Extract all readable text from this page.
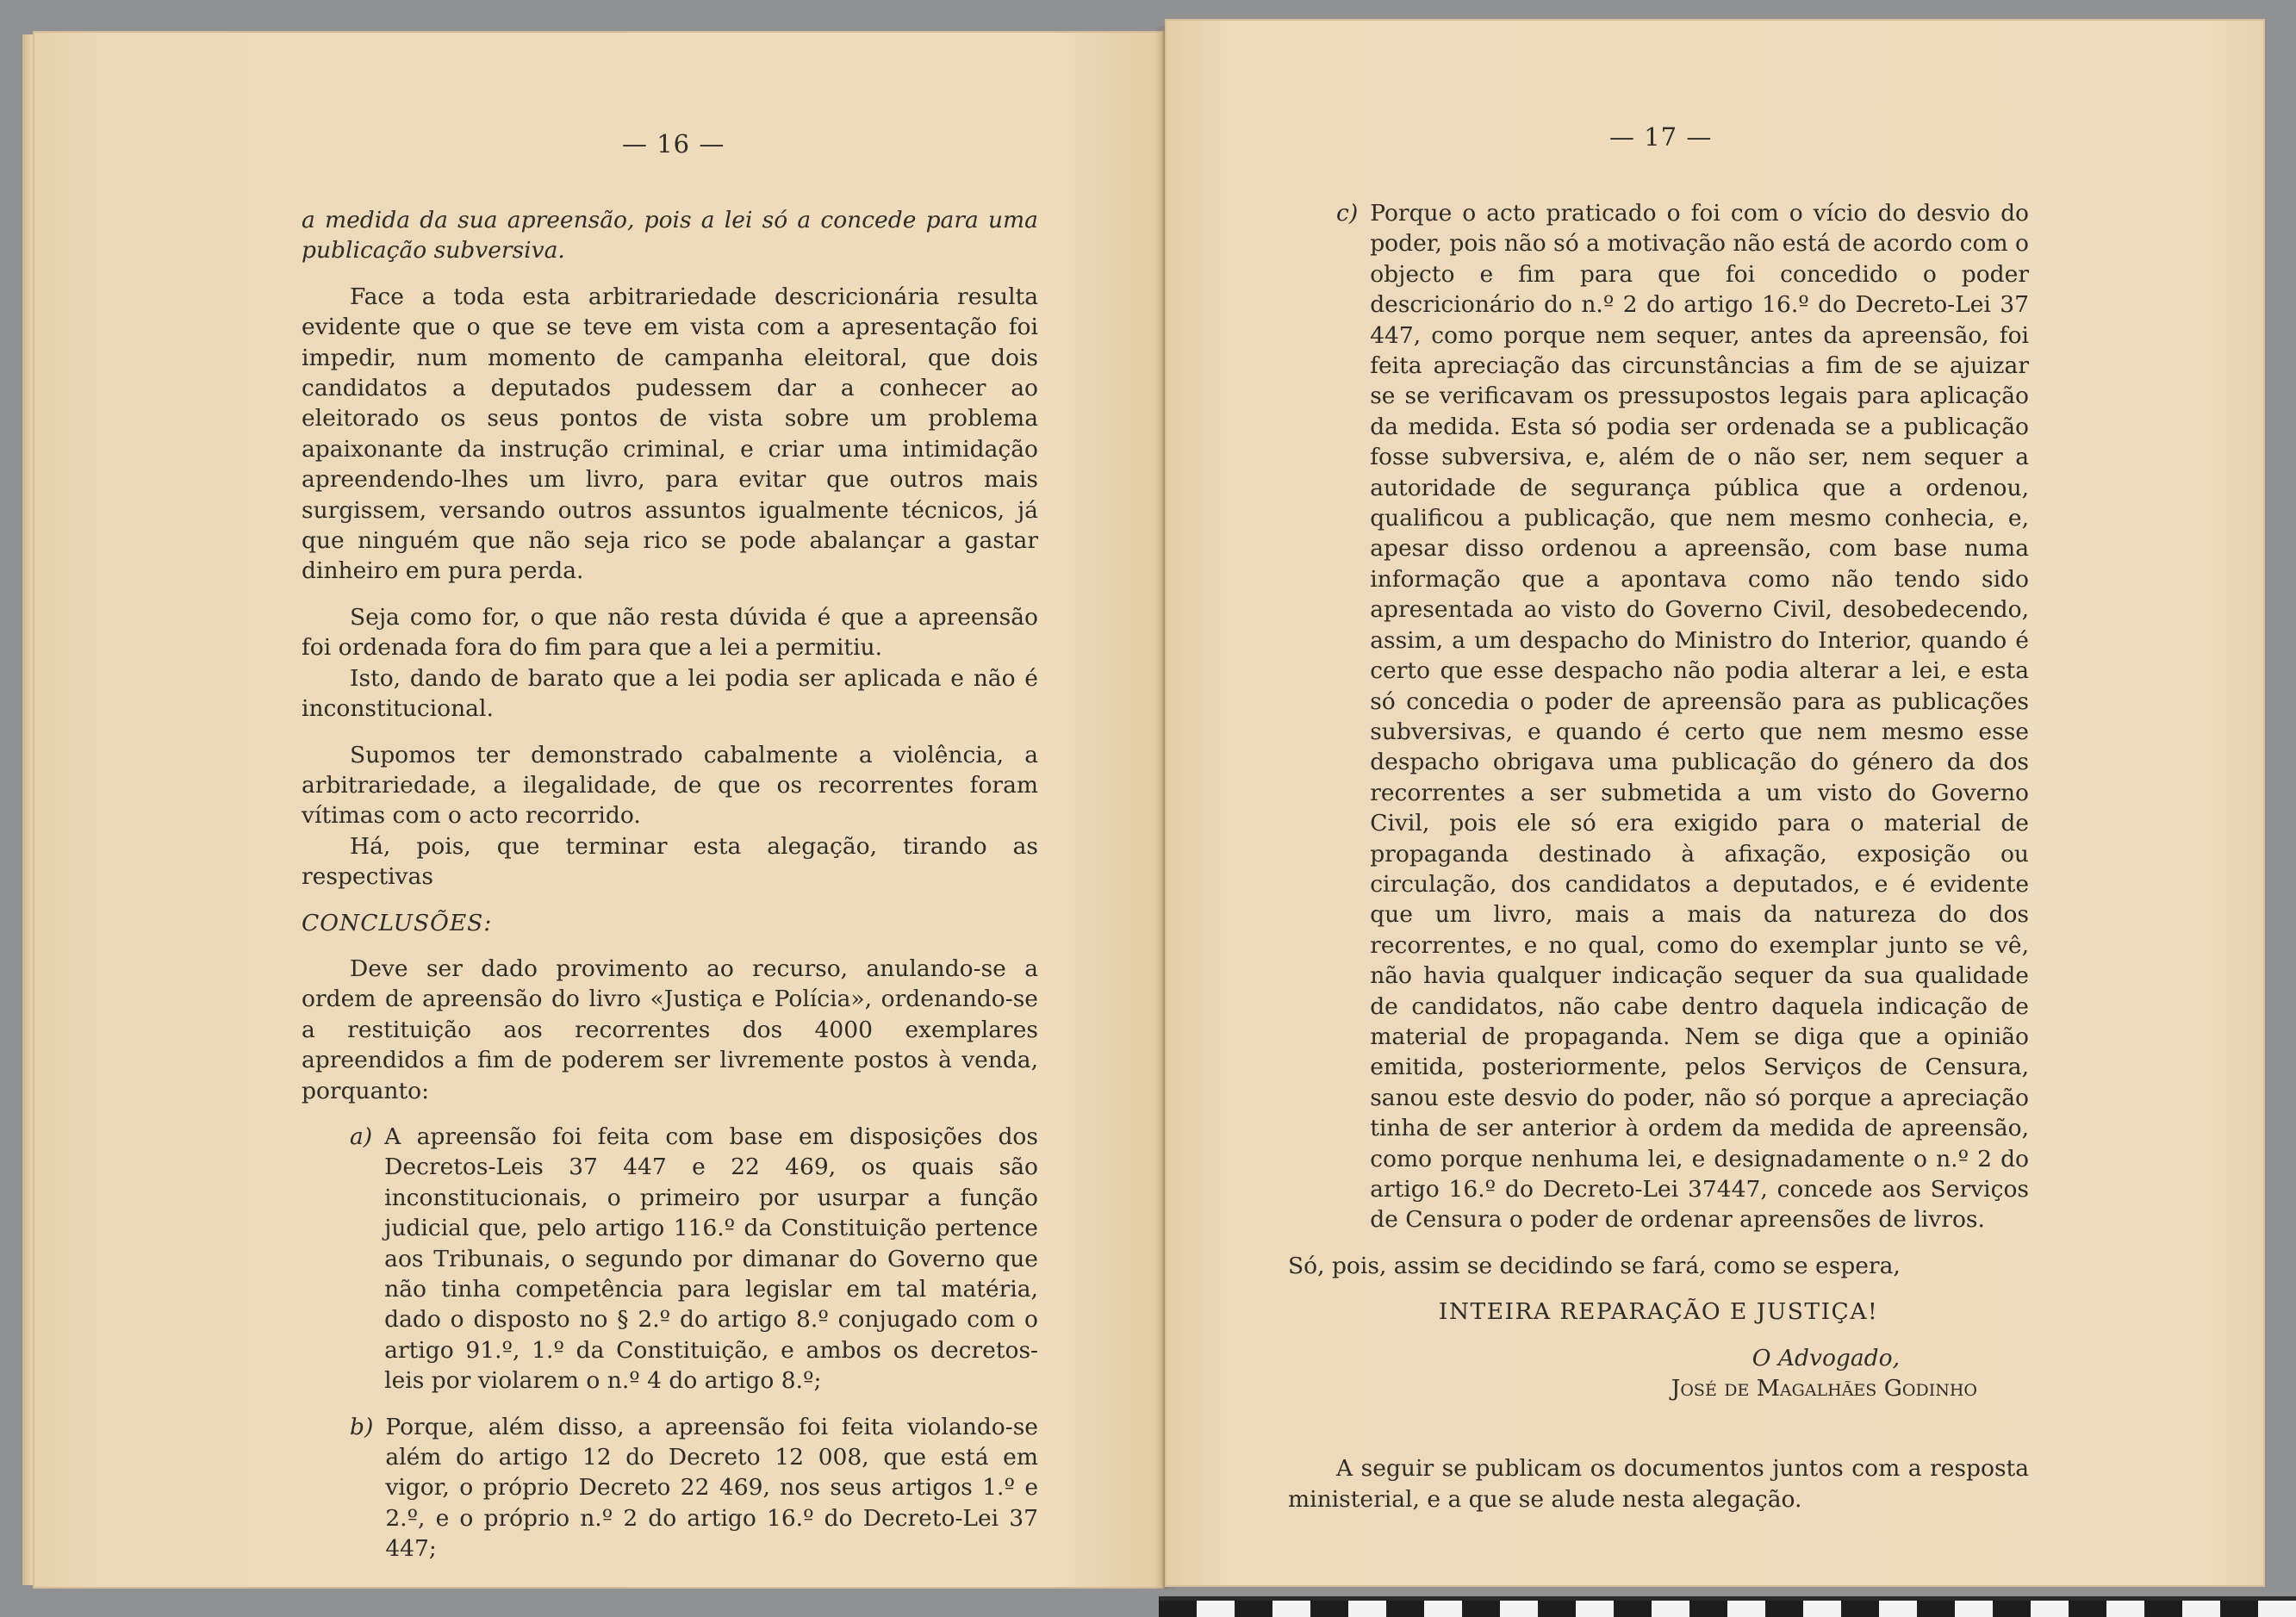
— 16 —

a medida da sua apreensão, pois a lei só a concede para uma publicação subversiva.

Face a toda esta arbitrariedade descricionária resulta evidente que o que se teve em vista com a apresentação foi impedir, num momento de campanha eleitoral, que dois candidatos a deputados pudessem dar a conhecer ao eleitorado os seus pontos de vista sobre um problema apaixonante da instrução criminal, e criar uma intimidação apreendendo-lhes um livro, para evitar que outros mais surgissem, versando outros assuntos igualmente técnicos, já que ninguém que não seja rico se pode abalançar a gastar dinheiro em pura perda.

Seja como for, o que não resta dúvida é que a apreensão foi ordenada fora do fim para que a lei a permitiu.

Isto, dando de barato que a lei podia ser aplicada e não é inconstitucional.

Supomos ter demonstrado cabalmente a violência, a arbitrariedade, a ilegalidade, de que os recorrentes foram vítimas com o acto recorrido.

Há, pois, que terminar esta alegação, tirando as respectivas

CONCLUSÕES:

Deve ser dado provimento ao recurso, anulando-se a ordem de apreensão do livro «Justiça e Polícia», ordenando-se a restituição aos recorrentes dos 4000 exemplares apreendidos a fim de poderem ser livremente postos à venda, porquanto:

a) A apreensão foi feita com base em disposições dos Decretos-Leis 37 447 e 22 469, os quais são inconstitucionais, o primeiro por usurpar a função judicial que, pelo artigo 116.º da Constituição pertence aos Tribunais, o segundo por dimanar do Governo que não tinha competência para legislar em tal matéria, dado o disposto no § 2.º do artigo 8.º conjugado com o artigo 91.º, 1.º da Constituição, e ambos os decretos-leis por violarem o n.º 4 do artigo 8.º;

b) Porque, além disso, a apreensão foi feita violando-se além do artigo 12 do Decreto 12 008, que está em vigor, o próprio Decreto 22 469, nos seus artigos 1.º e 2.º, e o próprio n.º 2 do artigo 16.º do Decreto-Lei 37 447;

— 17 —
c) Porque o acto praticado o foi com o vício do desvio do poder, pois não só a motivação não está de acordo com o objecto e fim para que foi concedido o poder descricionário do n.º 2 do artigo 16.º do Decreto-Lei 37 447, como porque nem sequer, antes da apreensão, foi feita apreciação das circunstâncias a fim de se ajuizar se se verificavam os pressupostos legais para aplicação da medida. Esta só podia ser ordenada se a publicação fosse subversiva, e, além de o não ser, nem sequer a autoridade de segurança pública que a ordenou, qualificou a publicação, que nem mesmo conhecia, e, apesar disso ordenou a apreensão, com base numa informação que a apontava como não tendo sido apresentada ao visto do Governo Civil, desobedecendo, assim, a um despacho do Ministro do Interior, quando é certo que esse despacho não podia alterar a lei, e esta só concedia o poder de apreensão para as publicações subversivas, e quando é certo que nem mesmo esse despacho obrigava uma publicação do género da dos recorrentes a ser submetida a um visto do Governo Civil, pois ele só era exigido para o material de propaganda destinado à afixação, exposição ou circulação, dos candidatos a deputados, e é evidente que um livro, mais a mais da natureza do dos recorrentes, e no qual, como do exemplar junto se vê, não havia qualquer indicação sequer da sua qualidade de candidatos, não cabe dentro daquela indicação de material de propaganda. Nem se diga que a opinião emitida, posteriormente, pelos Serviços de Censura, sanou este desvio do poder, não só porque a apreciação tinha de ser anterior à ordem da medida de apreensão, como porque nenhuma lei, e designadamente o n.º 2 do artigo 16.º do Decreto-Lei 37447, concede aos Serviços de Censura o poder de ordenar apreensões de livros.

Só, pois, assim se decidindo se fará, como se espera,

INTEIRA REPARAÇÃO E JUSTIÇA!

O Advogado,

José de Magalhães Godinho

A seguir se publicam os documentos juntos com a resposta ministerial, e a que se alude nesta alegação.
